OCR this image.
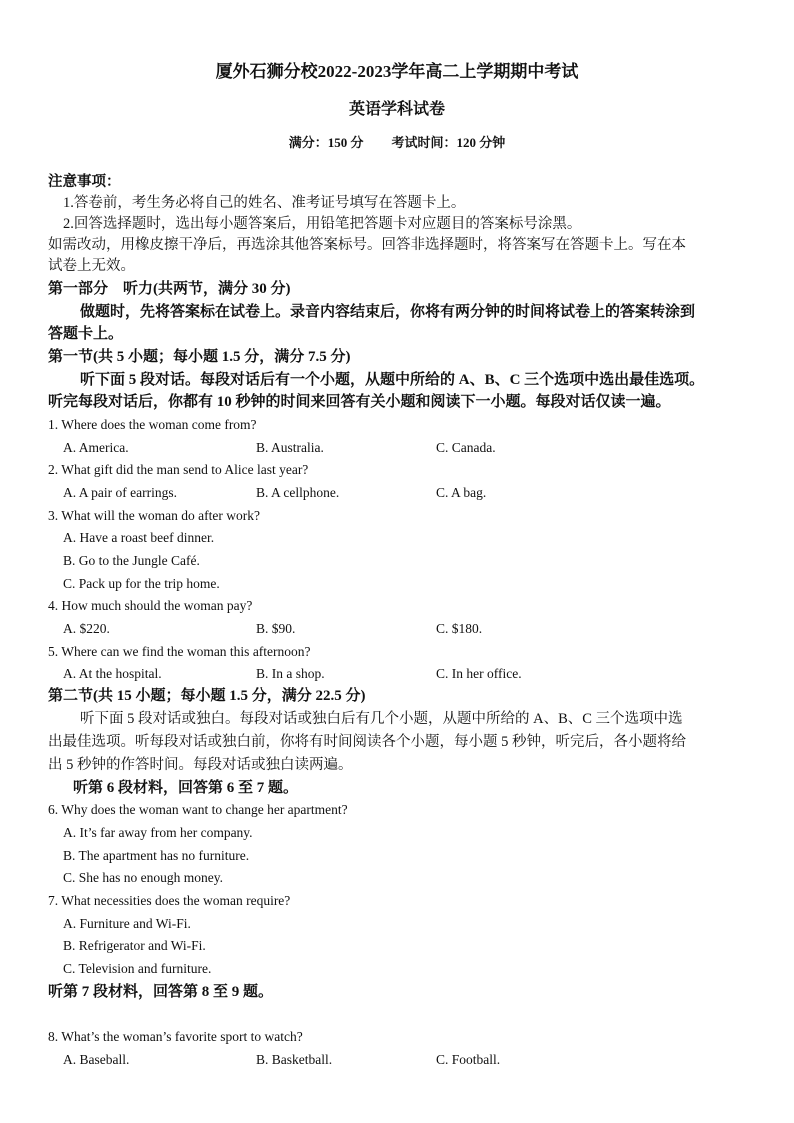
厦外石狮分校2022-2023学年高二上学期期中考试
英语学科试卷
满分：150 分 考试时间：120 分钟
注意事项：
1.答卷前，考生务必将自己的姓名、准考证号填写在答题卡上。
2.回答选择题时，选出每小题答案后，用铅笔把答题卡对应题目的答案标号涂黑。
如需改动，用橡皮擦干净后，再选涂其他答案标号。回答非选择题时，将答案写在答题卡上。写在本
试卷上无效。
第一部分　听力(共两节，满分 30 分)
做题时，先将答案标在试卷上。录音内容结束后，你将有两分钟的时间将试卷上的答案转涂到
答题卡上。
第一节(共 5 小题；每小题 1.5 分，满分 7.5 分)
听下面 5 段对话。每段对话后有一个小题，从题中所给的 A、B、C 三个选项中选出最佳选项。
听完每段对话后，你都有 10 秒钟的时间来回答有关小题和阅读下一小题。每段对话仅读一遍。
1. Where does the woman come from?
A. America.	B. Australia.	C. Canada.
2. What gift did the man send to Alice last year?
A. A pair of earrings.	B. A cellphone.	C. A bag.
3. What will the woman do after work?
A. Have a roast beef dinner.
B. Go to the Jungle Café.
C. Pack up for the trip home.
4. How much should the woman pay?
A. $220.	B. $90.	C. $180.
5. Where can we find the woman this afternoon?
A. At the hospital.	B. In a shop.	C. In her office.
第二节(共 15 小题；每小题 1.5 分，满分 22.5 分)
听下面 5 段对话或独白。每段对话或独白后有几个小题，从题中所给的 A、B、C 三个选项中选
出最佳选项。听每段对话或独白前，你将有时间阅读各个小题，每小题 5 秒钟，听完后，各小题将给
出 5 秒钟的作答时间。每段对话或独白读两遍。
听第 6 段材料，回答第 6 至 7 题。
6. Why does the woman want to change her apartment?
A. It’s far away from her company.
B. The apartment has no furniture.
C. She has no enough money.
7. What necessities does the woman require?
A. Furniture and Wi-Fi.
B. Refrigerator and Wi-Fi.
C. Television and furniture.
听第 7 段材料，回答第 8 至 9 题。
8. What’s the woman’s favorite sport to watch?
A. Baseball.	B. Basketball.	C. Football.
